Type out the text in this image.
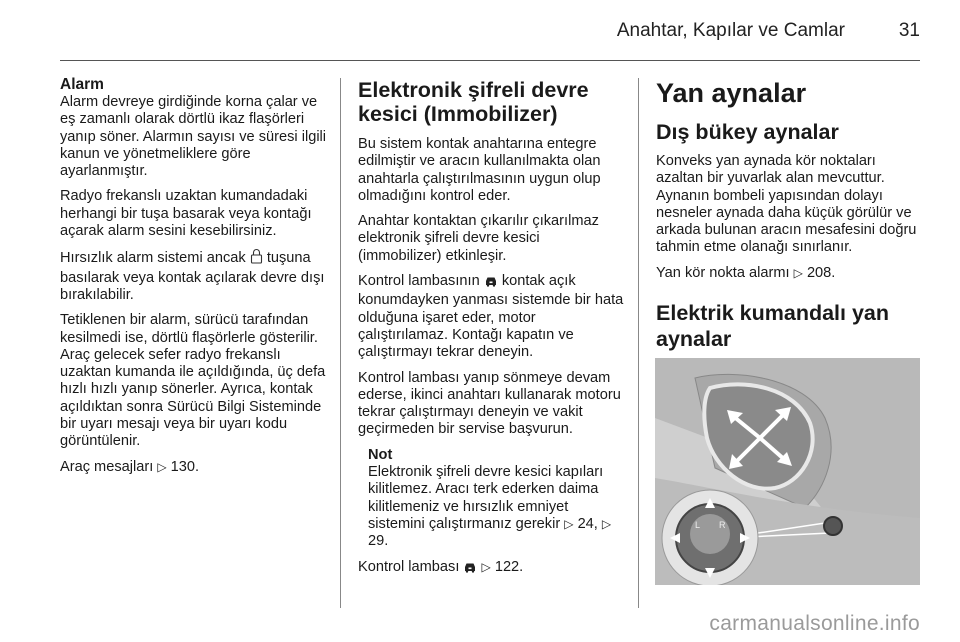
Anahtar, Kapılar ve Camlar	31
Alarm

Alarm devreye girdiğinde korna çalar ve eş zamanlı olarak dörtlü ikaz flaşörleri yanıp söner. Alarmın sayısı ve süresi ilgili kanun ve yönetmeliklere göre ayarlanmıştır.

Radyo frekanslı uzaktan kumandadaki herhangi bir tuşa basarak veya kontağı açarak alarm sesini kesebilirsiniz.

Hırsızlık alarm sistemi ancak tuşuna basılarak veya kontak açılarak devre dışı bırakılabilir.

Tetiklenen bir alarm, sürücü tarafından kesilmedi ise, dörtlü flaşörlerle gösterilir. Araç gelecek sefer radyo frekanslı uzaktan kumanda ile açıldığında, üç defa hızlı hızlı yanıp sönerler. Ayrıca, kontak açıldıktan sonra Sürücü Bilgi Sisteminde bir uyarı mesajı veya bir uyarı kodu görüntülenir.

Araç mesajları ▷ 130.

Elektronik şifreli devre kesici (Immobilizer)

Bu sistem kontak anahtarına entegre edilmiştir ve aracın kullanılmakta olan anahtarla çalıştırılmasının uygun olup olmadığını kontrol eder.

Anahtar kontaktan çıkarılır çıkarılmaz elektronik şifreli devre kesici (immobilizer) etkinleşir.

Kontrol lambasının kontak açık konumdayken yanması sistemde bir hata olduğuna işaret eder, motor çalıştırılamaz. Kontağı kapatın ve çalıştırmayı tekrar deneyin.

Kontrol lambası yanıp sönmeye devam ederse, ikinci anahtarı kullanarak motoru tekrar çalıştırmayı deneyin ve vakit geçirmeden bir servise başvurun.

Not

Elektronik şifreli devre kesici kapıları kilitlemez. Aracı terk ederken daima kilitlemeniz ve hırsızlık emniyet sistemini çalıştırmanız gerekir ▷ 24, ▷ 29.

Kontrol lambası ▷ 122.

Yan aynalar
Dış bükey aynalar

Konveks yan aynada kör noktaları azaltan bir yuvarlak alan mevcuttur. Aynanın bombeli yapısından dolayı nesneler aynada daha küçük görülür ve arkada bulunan aracın mesafesini doğru tahmin etme olanağı sınırlanır.

Yan kör nokta alarmı ▷ 208.

Elektrik kumandalı yan aynalar
L R
carmanualsonline.info
